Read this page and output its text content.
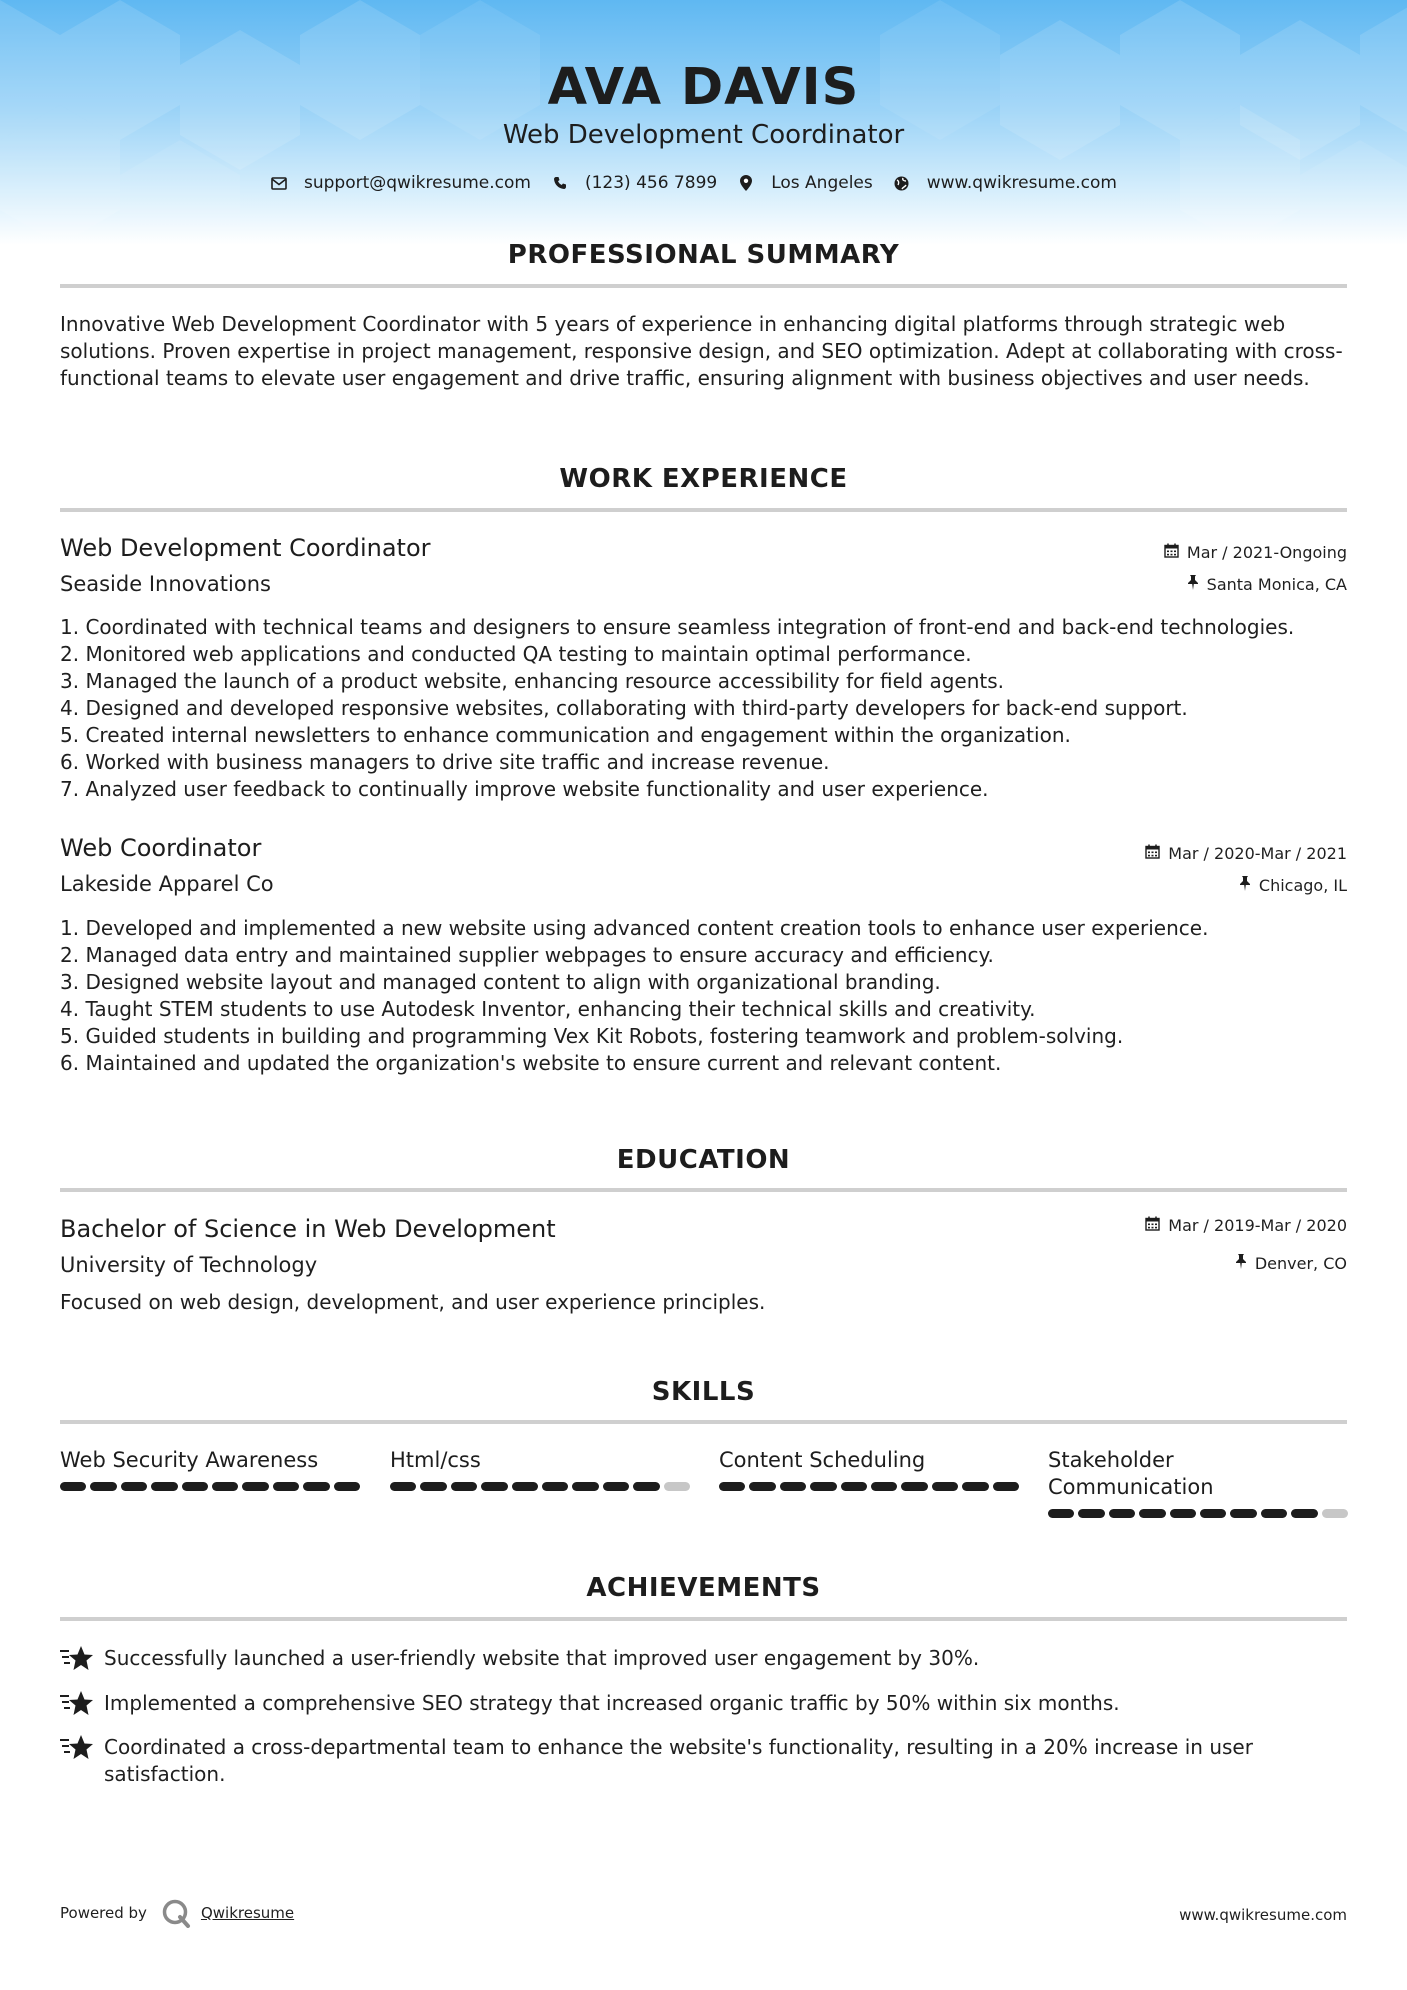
AVA DAVIS
Web Development Coordinator
support@qwikresume.com	(123) 456 7899	Los Angeles	www.qwikresume.com
PROFESSIONAL SUMMARY
Innovative Web Development Coordinator with 5 years of experience in enhancing digital platforms through strategic web solutions. Proven expertise in project management, responsive design, and SEO optimization. Adept at collaborating with cross-functional teams to elevate user engagement and drive traffic, ensuring alignment with business objectives and user needs.
WORK EXPERIENCE
Web Development Coordinator	Mar / 2021-Ongoing
Seaside Innovations	Santa Monica, CA
1. Coordinated with technical teams and designers to ensure seamless integration of front-end and back-end technologies.
2. Monitored web applications and conducted QA testing to maintain optimal performance.
3. Managed the launch of a product website, enhancing resource accessibility for field agents.
4. Designed and developed responsive websites, collaborating with third-party developers for back-end support.
5. Created internal newsletters to enhance communication and engagement within the organization.
6. Worked with business managers to drive site traffic and increase revenue.
7. Analyzed user feedback to continually improve website functionality and user experience.
Web Coordinator	Mar / 2020-Mar / 2021
Lakeside Apparel Co	Chicago, IL
1. Developed and implemented a new website using advanced content creation tools to enhance user experience.
2. Managed data entry and maintained supplier webpages to ensure accuracy and efficiency.
3. Designed website layout and managed content to align with organizational branding.
4. Taught STEM students to use Autodesk Inventor, enhancing their technical skills and creativity.
5. Guided students in building and programming Vex Kit Robots, fostering teamwork and problem-solving.
6. Maintained and updated the organization's website to ensure current and relevant content.
EDUCATION
Bachelor of Science in Web Development	Mar / 2019-Mar / 2020
University of Technology	Denver, CO
Focused on web design, development, and user experience principles.
SKILLS
Web Security Awareness	Html/css	Content Scheduling	Stakeholder Communication
ACHIEVEMENTS
Successfully launched a user-friendly website that improved user engagement by 30%.
Implemented a comprehensive SEO strategy that increased organic traffic by 50% within six months.
Coordinated a cross-departmental team to enhance the website's functionality, resulting in a 20% increase in user satisfaction.
Powered by	Qwikresume	www.qwikresume.com
